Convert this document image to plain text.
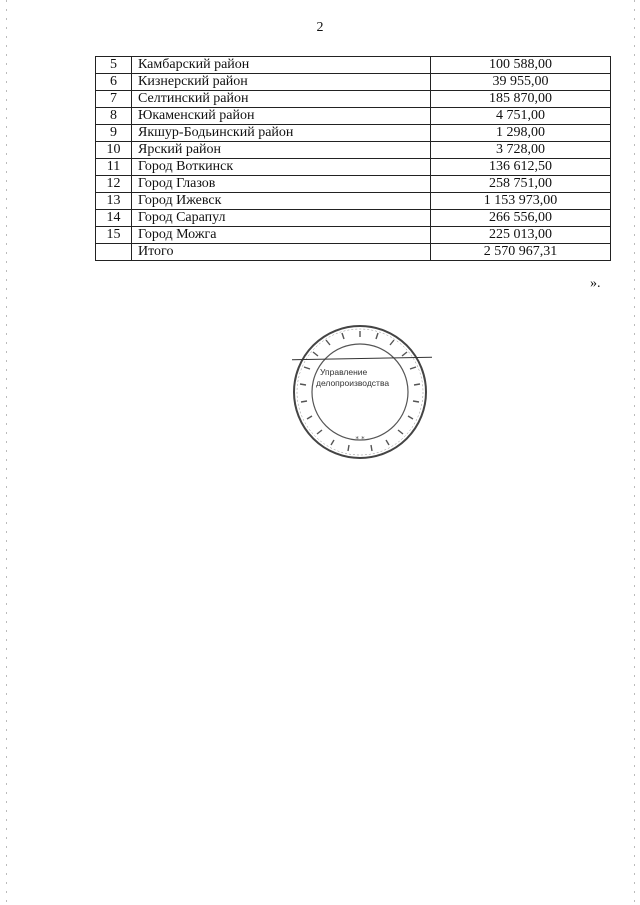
2
5	Камбарский район	100 588,00
6	Кизнерский район	39 955,00
7	Селтинский район	185 870,00
8	Юкаменский район	4 751,00
9	Якшур-Бодьинский район	1 298,00
10	Ярский район	3 728,00
11	Город Воткинск	136 612,50
12	Город Глазов	258 751,00
13	Город Ижевск	1 153 973,00
14	Город Сарапул	266 556,00
15	Город Можга	225 013,00
	Итого	2 570 967,31
».
* *
Управление
делопроизводства
